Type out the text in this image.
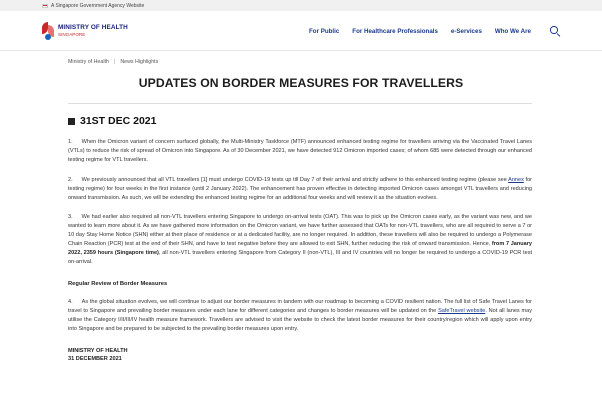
A Singapore Government Agency Website
MINISTRY OF HEALTH
SINGAPORE	For Public For Healthcare Professionals e-Services Who We Are
Ministry of Health | News Highlights
UPDATES ON BORDER MEASURES FOR TRAVELLERS
31ST DEC 2021

1. When the Omicron variant of concern surfaced globally, the Multi-Ministry Taskforce (MTF) announced enhanced testing regime for travellers arriving via the Vaccinated Travel Lanes (VTLs) to reduce the risk of spread of Omicron into Singapore. As of 30 December 2021, we have detected 912 Omicron imported cases; of whom 685 were detected through our enhanced testing regime for VTL travellers.

2. We previously announced that all VTL travellers [1] must undergo COVID-19 tests up till Day 7 of their arrival and strictly adhere to this enhanced testing regime (please see Annex for testing regime) for four weeks in the first instance (until 2 January 2022). The enhancement has proven effective in detecting imported Omicron cases amongst VTL travellers and reducing onward transmission. As such, we will be extending the enhanced testing regime for an additional four weeks and will review it as the situation evolves.

3. We had earlier also required all non-VTL travellers entering Singapore to undergo on-arrival tests (OAT). This was to pick up the Omicron cases early, as the variant was new, and we wanted to learn more about it. As we have gathered more information on the Omicron variant, we have further assessed that OATs for non-VTL travellers, who are all required to serve a 7 or 10 day Stay Home Notice (SHN) either at their place of residence or at a dedicated facility, are no longer required. In addition, these travellers will also be required to undergo a Polymerase Chain Reaction (PCR) test at the end of their SHN, and have to test negative before they are allowed to exit SHN, further reducing the risk of onward transmission. Hence, from 7 January 2022, 2359 hours (Singapore time), all non-VTL travellers entering Singapore from Category II (non-VTL), III and IV countries will no longer be required to undergo a COVID-19 PCR test on-arrival.

Regular Review of Border Measures

4. As the global situation evolves, we will continue to adjust our border measures in tandem with our roadmap to becoming a COVID resilient nation. The full list of Safe Travel Lanes for travel to Singapore and prevailing border measures under each lane for different categories and changes to border measures will be updated on the SafeTravel website. Not all lanes may utilise the Category I/II/III/IV health measure framework. Travellers are advised to visit the website to check the latest border measures for their country/region which will apply upon entry into Singapore and be prepared to be subjected to the prevailing border measures upon entry.

MINISTRY OF HEALTH
31 DECEMBER 2021
